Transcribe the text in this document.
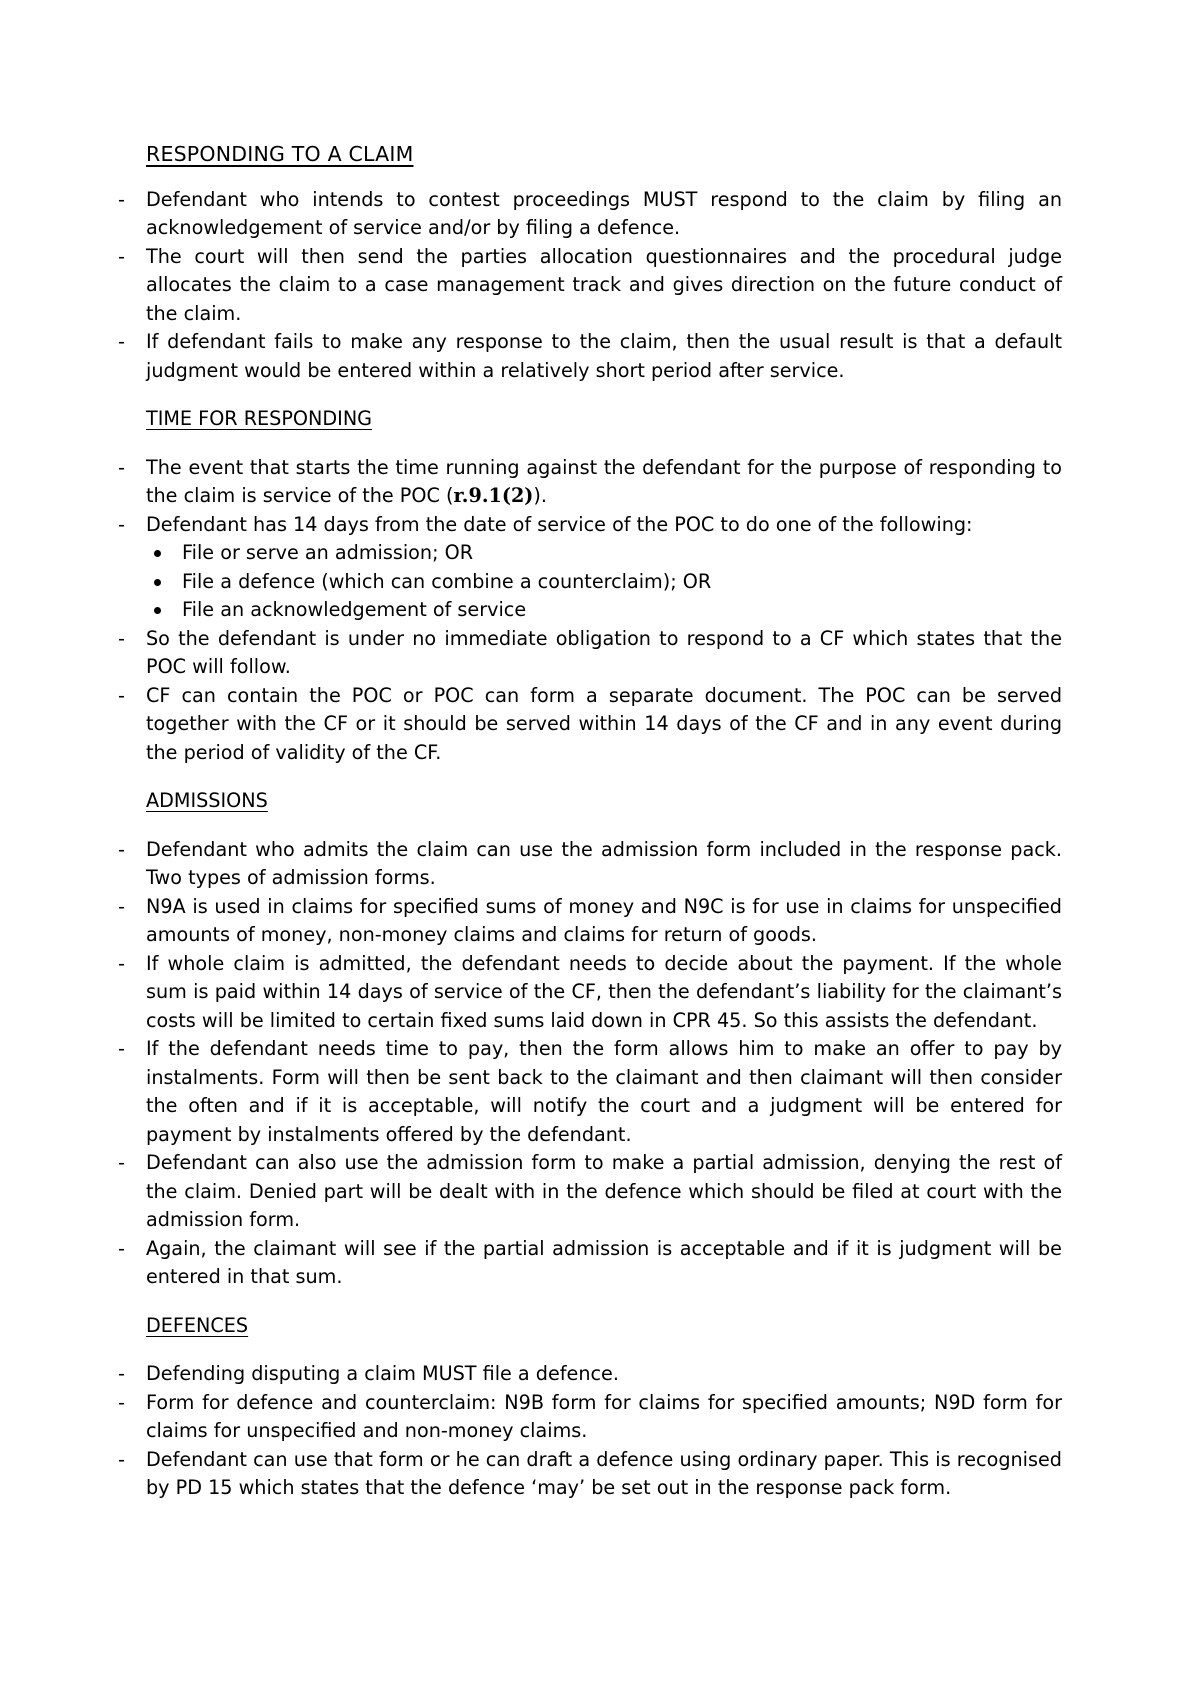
RESPONDING TO A CLAIM
- Defendant who intends to contest proceedings MUST respond to the claim by filing an acknowledgement of service and/or by filing a defence.
- The court will then send the parties allocation questionnaires and the procedural judge allocates the claim to a case management track and gives direction on the future conduct of the claim.
- If defendant fails to make any response to the claim, then the usual result is that a default judgment would be entered within a relatively short period after service.
TIME FOR RESPONDING
- The event that starts the time running against the defendant for the purpose of responding to the claim is service of the POC (r.9.1(2)).
- Defendant has 14 days from the date of service of the POC to do one of the following:
File or serve an admission; OR
File a defence (which can combine a counterclaim); OR
File an acknowledgement of service
- So the defendant is under no immediate obligation to respond to a CF which states that the POC will follow.
- CF can contain the POC or POC can form a separate document. The POC can be served together with the CF or it should be served within 14 days of the CF and in any event during the period of validity of the CF.
ADMISSIONS
- Defendant who admits the claim can use the admission form included in the response pack. Two types of admission forms.
- N9A is used in claims for specified sums of money and N9C is for use in claims for unspecified amounts of money, non-money claims and claims for return of goods.
- If whole claim is admitted, the defendant needs to decide about the payment. If the whole sum is paid within 14 days of service of the CF, then the defendant’s liability for the claimant’s costs will be limited to certain fixed sums laid down in CPR 45. So this assists the defendant.
- If the defendant needs time to pay, then the form allows him to make an offer to pay by instalments. Form will then be sent back to the claimant and then claimant will then consider the often and if it is acceptable, will notify the court and a judgment will be entered for payment by instalments offered by the defendant.
- Defendant can also use the admission form to make a partial admission, denying the rest of the claim. Denied part will be dealt with in the defence which should be filed at court with the admission form.
- Again, the claimant will see if the partial admission is acceptable and if it is judgment will be entered in that sum.
DEFENCES
- Defending disputing a claim MUST file a defence.
- Form for defence and counterclaim: N9B form for claims for specified amounts; N9D form for claims for unspecified and non-money claims.
- Defendant can use that form or he can draft a defence using ordinary paper. This is recognised by PD 15 which states that the defence ‘may’ be set out in the response pack form.
